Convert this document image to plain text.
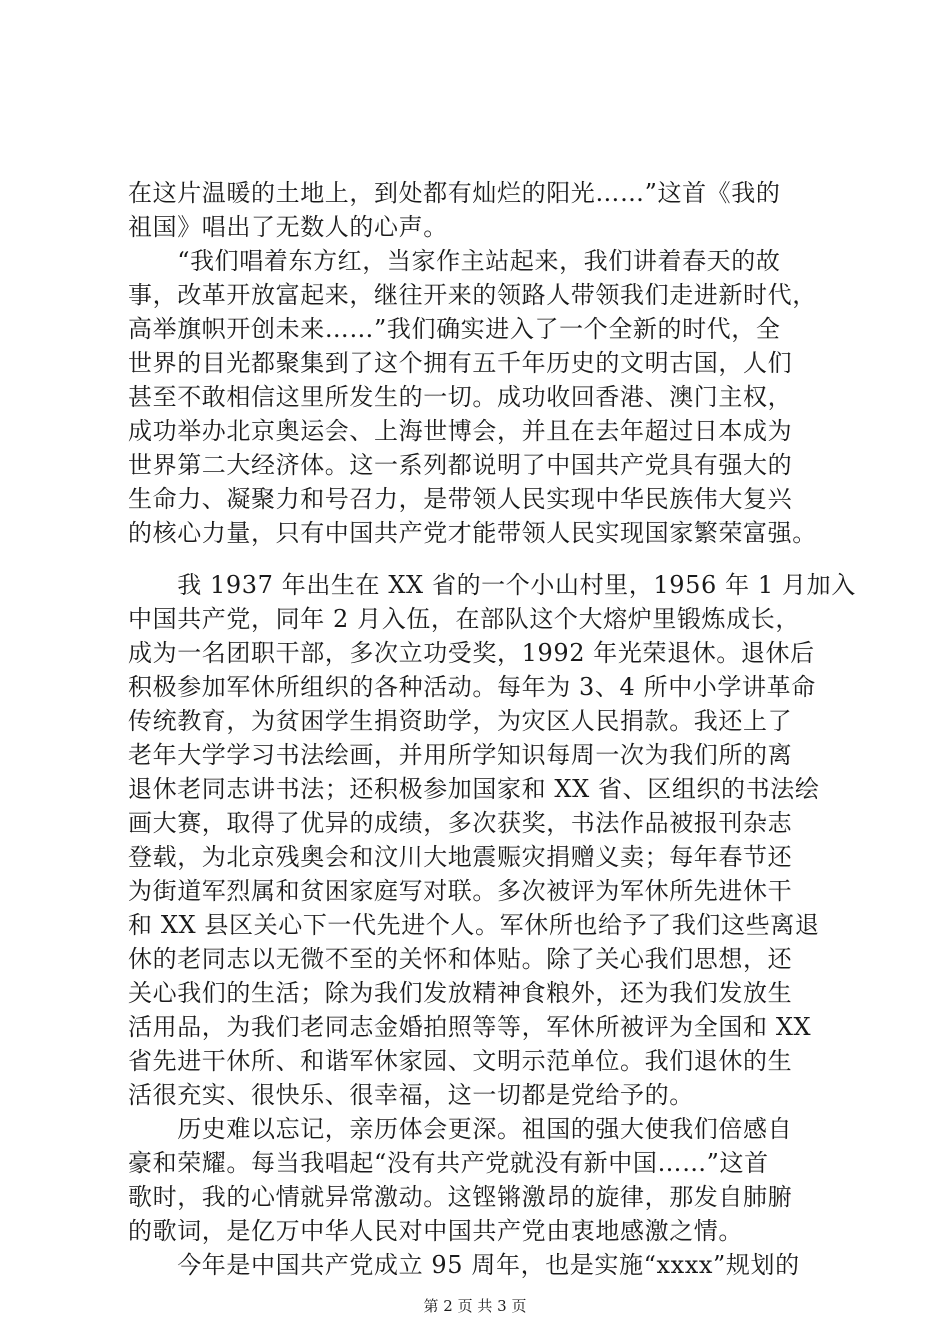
在这片温暖的土地上，到处都有灿烂的阳光……”这首《我的
祖国》唱出了无数人的心声。
　　“我们唱着东方红，当家作主站起来，我们讲着春天的故
事，改革开放富起来，继往开来的领路人带领我们走进新时代，
高举旗帜开创未来……”我们确实进入了一个全新的时代，全
世界的目光都聚集到了这个拥有五千年历史的文明古国，人们
甚至不敢相信这里所发生的一切。成功收回香港、澳门主权，
成功举办北京奥运会、上海世博会，并且在去年超过日本成为
世界第二大经济体。这一系列都说明了中国共产党具有强大的
生命力、凝聚力和号召力，是带领人民实现中华民族伟大复兴
的核心力量，只有中国共产党才能带领人民实现国家繁荣富强。
　　我 1937 年出生在 XX 省的一个小山村里，1956 年 1 月加入
中国共产党，同年 2 月入伍，在部队这个大熔炉里锻炼成长，
成为一名团职干部，多次立功受奖，1992 年光荣退休。退休后
积极参加军休所组织的各种活动。每年为 3、4 所中小学讲革命
传统教育，为贫困学生捐资助学，为灾区人民捐款。我还上了
老年大学学习书法绘画，并用所学知识每周一次为我们所的离
退休老同志讲书法；还积极参加国家和 XX 省、区组织的书法绘
画大赛，取得了优异的成绩，多次获奖，书法作品被报刊杂志
登载，为北京残奥会和汶川大地震赈灾捐赠义卖；每年春节还
为街道军烈属和贫困家庭写对联。多次被评为军休所先进休干
和 XX 县区关心下一代先进个人。军休所也给予了我们这些离退
休的老同志以无微不至的关怀和体贴。除了关心我们思想，还
关心我们的生活；除为我们发放精神食粮外，还为我们发放生
活用品，为我们老同志金婚拍照等等，军休所被评为全国和 XX
省先进干休所、和谐军休家园、文明示范单位。我们退休的生
活很充实、很快乐、很幸福，这一切都是党给予的。
　　历史难以忘记，亲历体会更深。祖国的强大使我们倍感自
豪和荣耀。每当我唱起“没有共产党就没有新中国……”这首
歌时，我的心情就异常激动。这铿锵激昂的旋律，那发自肺腑
的歌词，是亿万中华人民对中国共产党由衷地感激之情。
　　今年是中国共产党成立 95 周年，也是实施“xxxx”规划的
第 2 页 共 3 页
